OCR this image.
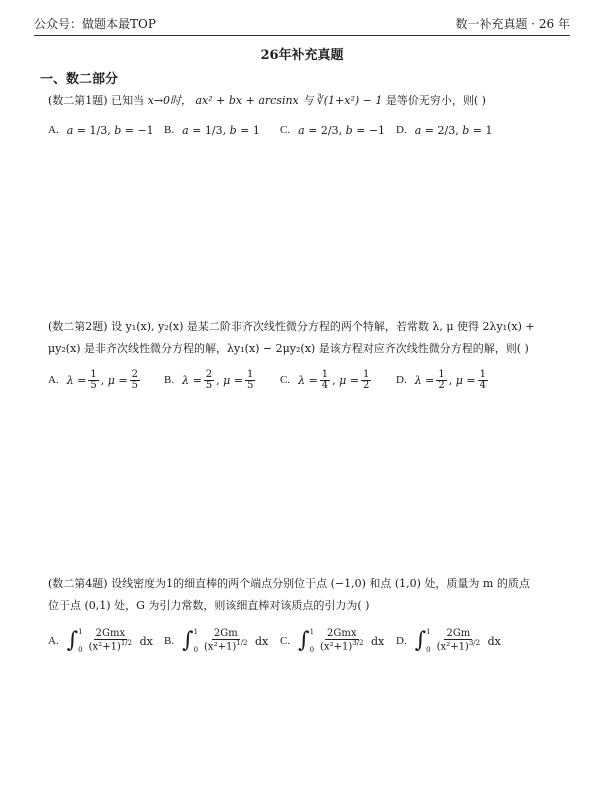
公众号：做题本最TOP	数一补充真题 · 26 年
26年补充真题
一、数二部分
(数二第1题) 已知当 x→0时， ax² + bx + arcsinx 与 ∛(1+x²) − 1 是等价无穷小，则( )
A. a = 1/3 , b = −1 B. a = 1/3 , b = 1 C. a = 2/3 , b = −1 D. a = 2/3 , b = 1
(数二第2题) 设 y₁(x), y₂(x) 是某二阶非齐次线性微分方程的两个特解，若常数 λ, μ 使得 2λy₁(x) +
μy₂(x) 是非齐次线性微分方程的解，λy₁(x) − 2μy₂(x) 是该方程对应齐次线性微分方程的解，则( )
A. $\lambda = \frac{1}{5}$ , $\mu = \frac{2}{5} B$. $\lambda = \frac{2}{5}$ , $\mu = \frac{1}{5} C$. $\lambda = \frac{1}{4}$ , $\mu = \frac{1}{2} D$. $\lambda = \frac{1}{2}$ , $\mu = \frac{1}{4}$
(数二第4题) 设线密度为1的细直棒的两个端点分别位于点 (−1,0) 和点 (1,0) 处，质量为 m 的质点
位于点 (0,1) 处，G 为引力常数，则该细直棒对该质点的引力为( )
A. ∫ 1
$0 \frac{\text{2Gmx}}{(x^2+1)^{1/2}}$
dx B. ∫ 1
$0 \frac{2Gm}{(x^2+1)^{1/2}}$
dx C. ∫ 1
$0 \frac{\text{2Gmx}}{(x^2+1)^{3/2}}$
dx D. ∫ 1
$0 \frac{2Gm}{(x^2+1)^{3/2}}$
dx
